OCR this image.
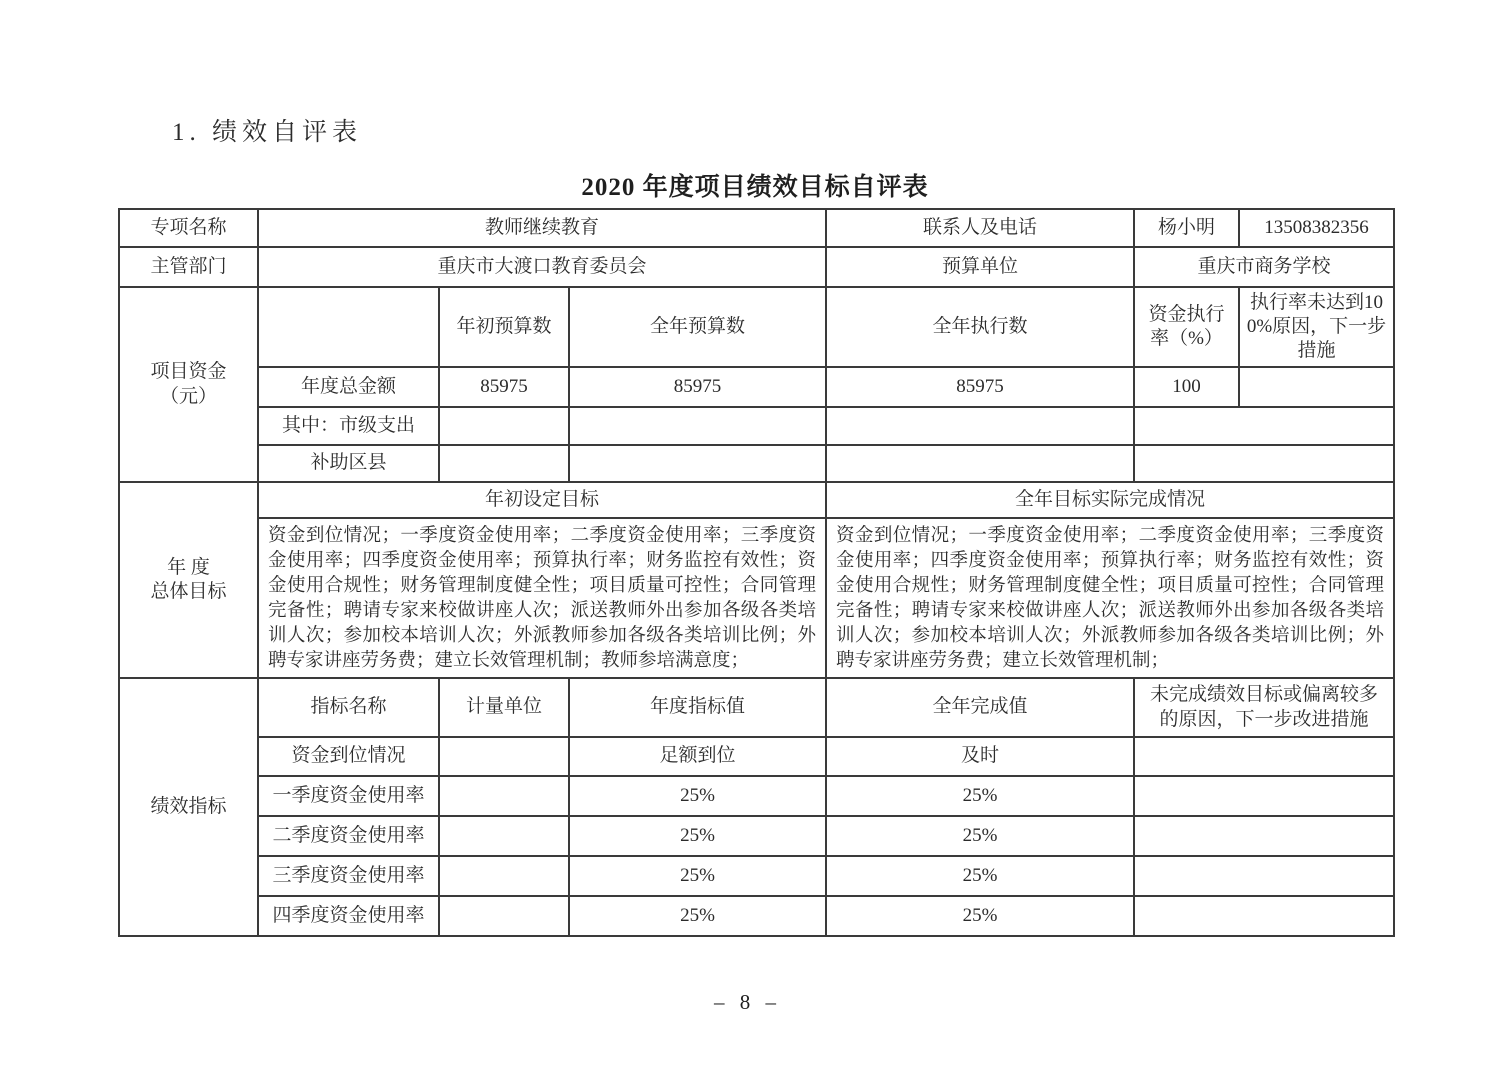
1. 绩效自评表
2020 年度项目绩效目标自评表
专项名称	教师继续教育			联系人及电话	杨小明	13508382356
主管部门	重庆市大渡口教育委员会			预算单位	重庆市商务学校	
项目资金
（元）		年初预算数	全年预算数	全年执行数	资金执行率（%）	执行率未达到100%原因，下一步措施
	年度总金额	85975	85975	85975	100	
	其中：市级支出					
	补助区县					
年 度
总体目标	年初设定目标			全年目标实际完成情况		
	资金到位情况；一季度资金使用率；二季度资金使用率；三季度资金使用率；四季度资金使用率；预算执行率；财务监控有效性；资金使用合规性；财务管理制度健全性；项目质量可控性；合同管理完备性；聘请专家来校做讲座人次；派送教师外出参加各级各类培训人次；参加校本培训人次；外派教师参加各级各类培训比例；外聘专家讲座劳务费；建立长效管理机制；教师参培满意度；			资金到位情况；一季度资金使用率；二季度资金使用率；三季度资金使用率；四季度资金使用率；预算执行率；财务监控有效性；资金使用合规性；财务管理制度健全性；项目质量可控性；合同管理完备性；聘请专家来校做讲座人次；派送教师外出参加各级各类培训人次；参加校本培训人次；外派教师参加各级各类培训比例；外聘专家讲座劳务费；建立长效管理机制；		
绩效指标	指标名称	计量单位	年度指标值	全年完成值	未完成绩效目标或偏离较多的原因，下一步改进措施	
	资金到位情况		足额到位	及时		
	一季度资金使用率		25%	25%		
	二季度资金使用率		25%	25%		
	三季度资金使用率		25%	25%		
	四季度资金使用率		25%	25%		
– 8 –
